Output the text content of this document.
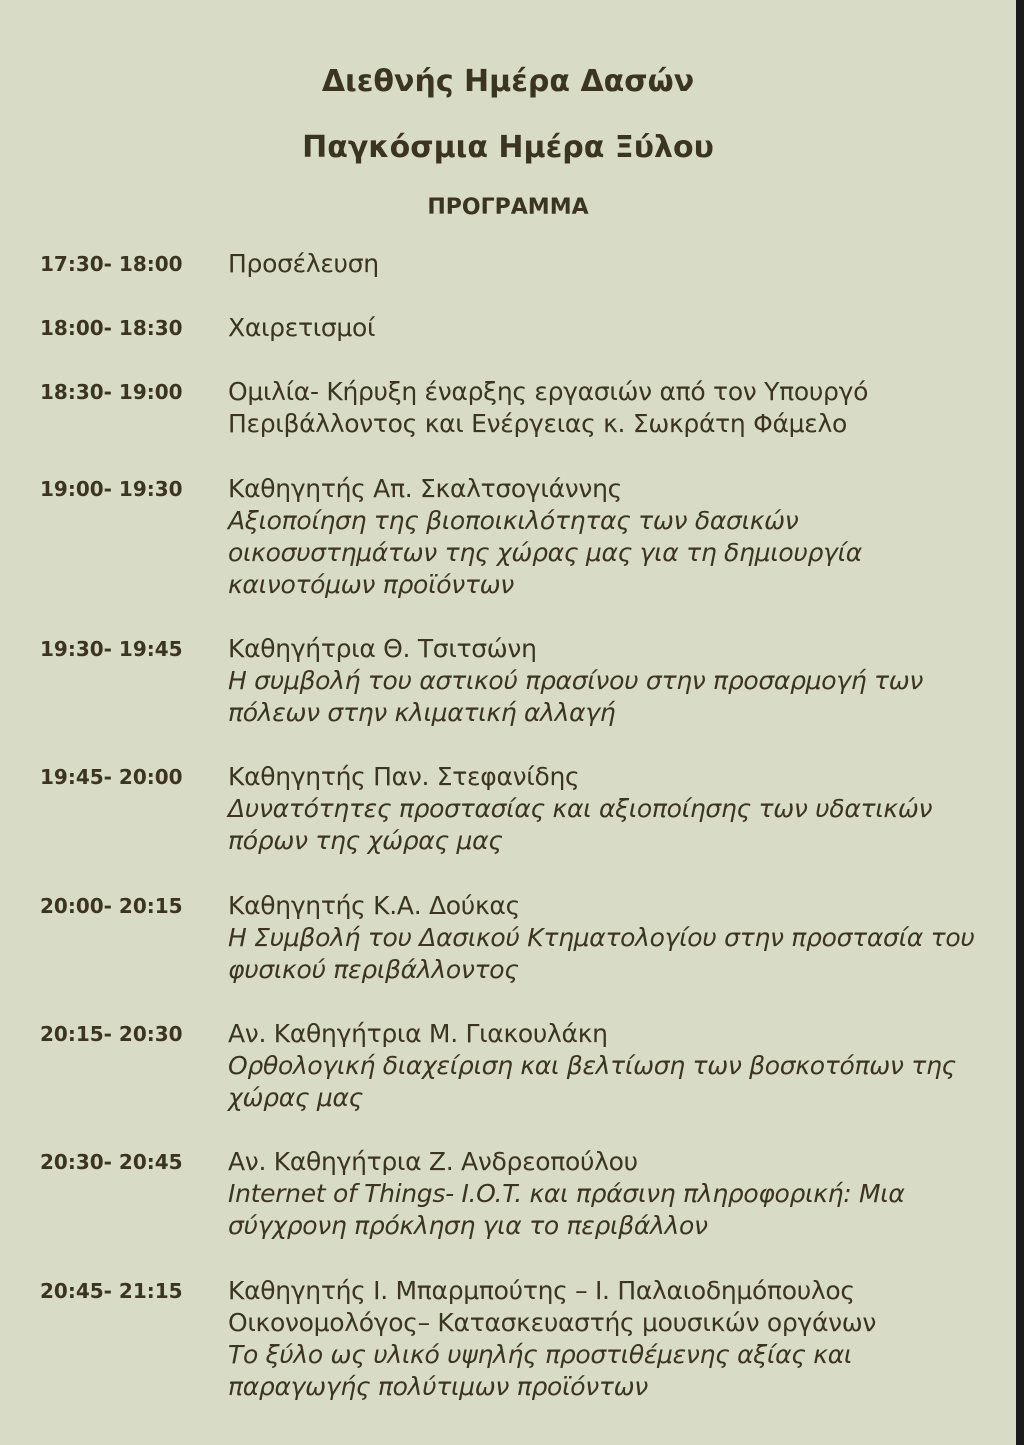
Διεθνής Ημέρα Δασών
Παγκόσμια Ημέρα Ξύλου
ΠΡΟΓΡΑΜΜΑ
17:30- 18:00 Προσέλευση
18:00- 18:30 Χαιρετισμοί
18:30- 19:00 Ομιλία- Κήρυξη έναρξης εργασιών από τον Υπουργό
Περιβάλλοντος και Ενέργειας κ. Σωκράτη Φάμελο
19:00- 19:30 Καθηγητής Απ. Σκαλτσογιάννης
Αξιοποίηση της βιοποικιλότητας των δασικών
οικοσυστημάτων της χώρας μας για τη δημιουργία
καινοτόμων προϊόντων
19:30- 19:45 Καθηγήτρια Θ. Τσιτσώνη
Η συμβολή του αστικού πρασίνου στην προσαρμογή των
πόλεων στην κλιματική αλλαγή
19:45- 20:00 Καθηγητής Παν. Στεφανίδης
Δυνατότητες προστασίας και αξιοποίησης των υδατικών
πόρων της χώρας μας
20:00- 20:15 Καθηγητής Κ.Α. Δούκας
Η Συμβολή του Δασικού Κτηματολογίου στην προστασία του
φυσικού περιβάλλοντος
20:15- 20:30 Αν. Καθηγήτρια Μ. Γιακουλάκη
Ορθολογική διαχείριση και βελτίωση των βοσκοτόπων της
χώρας μας
20:30- 20:45 Αν. Καθηγήτρια Ζ. Ανδρεοπούλου
Internet of Things- I.O.T. και πράσινη πληροφορική: Μια
σύγχρονη πρόκληση για το περιβάλλον
20:45- 21:15 Καθηγητής Ι. Μπαρμπούτης – Ι. Παλαιοδημόπουλος
Οικονομολόγος– Κατασκευαστής μουσικών οργάνων
Το ξύλο ως υλικό υψηλής προστιθέμενης αξίας και
παραγωγής πολύτιμων προϊόντων
